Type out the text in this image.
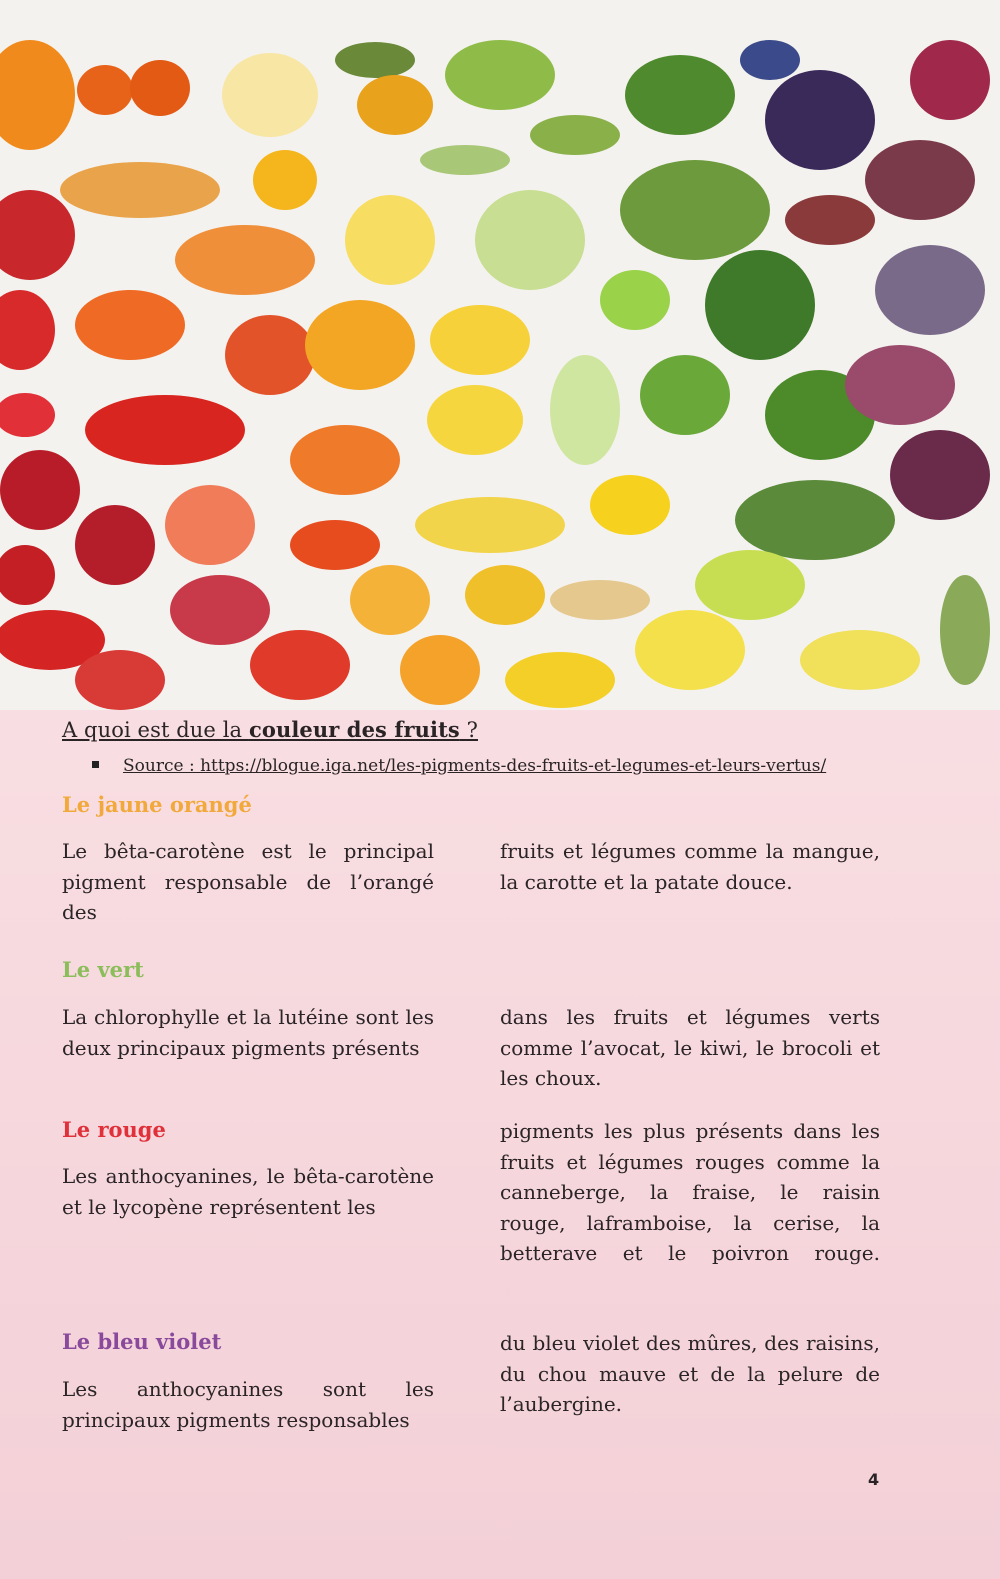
A quoi est due la couleur des fruits ?
Source : https://blogue.iga.net/les-pigments-des-fruits-et-legumes-et-leurs-vertus/
Le jaune orangé
Le bêta-carotène est le principal pigment responsable de l’orangé des
fruits et légumes comme la mangue, la carotte et la patate douce.
Le vert
La chlorophylle et la lutéine sont les deux principaux pigments présents
dans les fruits et légumes verts comme l’avocat, le kiwi, le brocoli et les choux.
Le rouge
Les anthocyanines, le bêta-carotène et le lycopène représentent les
pigments les plus présents dans les fruits et légumes rouges comme la canneberge, la fraise, le raisin rouge, laframboise, la cerise, la betterave et le poivron rouge.
Le bleu violet
Les anthocyanines sont les principaux pigments responsables
du bleu violet des mûres, des raisins, du chou mauve et de la pelure de l’aubergine.
4
